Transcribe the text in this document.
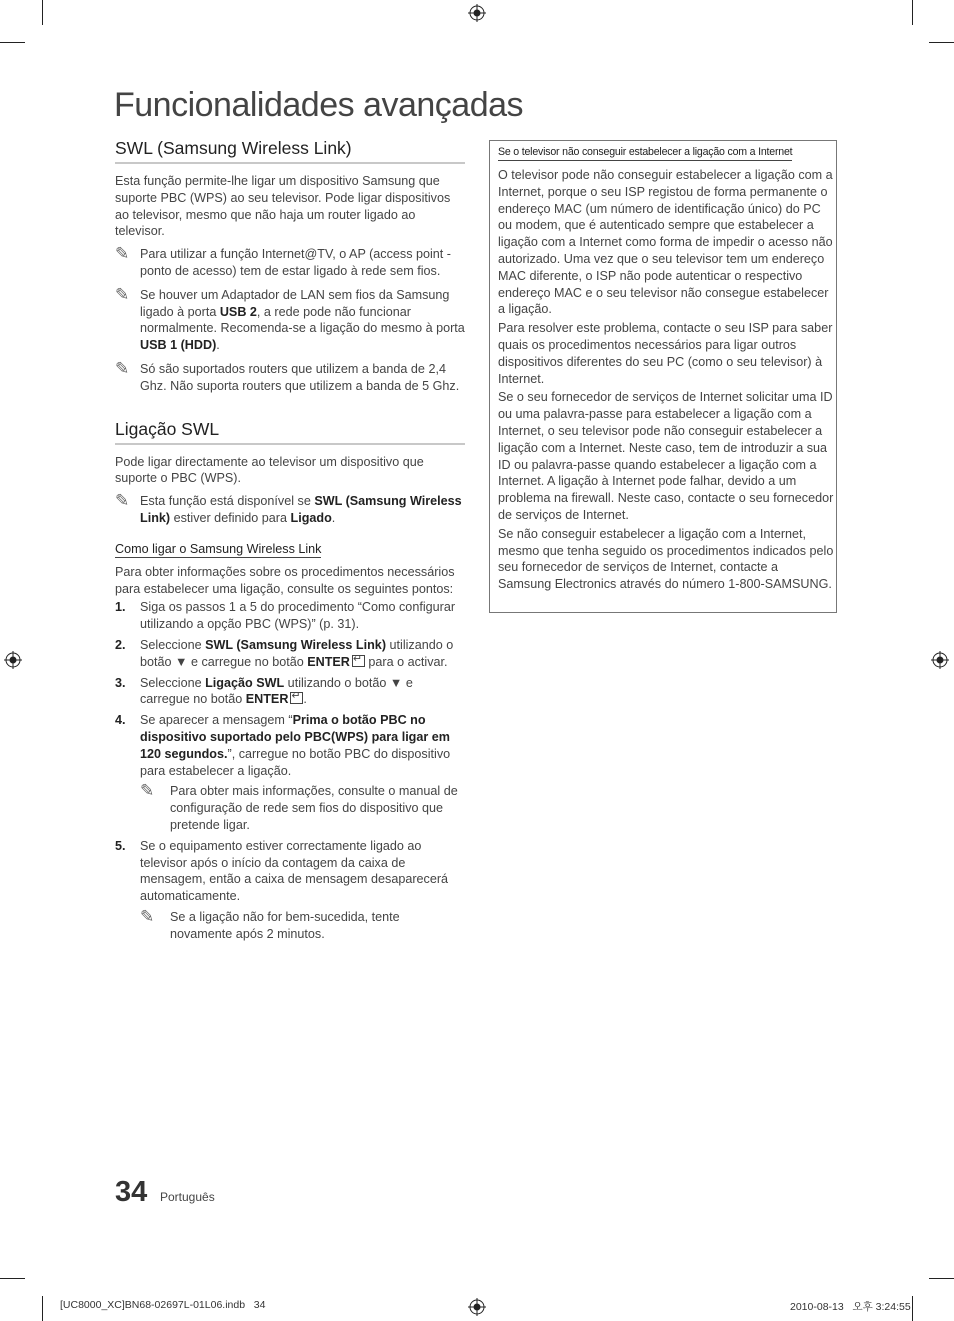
Funcionalidades avançadas
SWL (Samsung Wireless Link)

Esta função permite-lhe ligar um dispositivo Samsung que suporte PBC (WPS) ao seu televisor. Pode ligar dispositivos ao televisor, mesmo que não haja um router ligado ao televisor.

✎ Para utilizar a função Internet@TV, o AP (access point - ponto de acesso) tem de estar ligado à rede sem fios.

✎ Se houver um Adaptador de LAN sem fios da Samsung ligado à porta USB 2, a rede pode não funcionar normalmente. Recomenda-se a ligação do mesmo à porta USB 1 (HDD).

✎ Só são suportados routers que utilizem a banda de 2,4 Ghz. Não suporta routers que utilizem a banda de 5 Ghz.

Ligação SWL

Pode ligar directamente ao televisor um dispositivo que suporte o PBC (WPS).

✎ Esta função está disponível se SWL (Samsung Wireless Link) estiver definido para Ligado.

Como ligar o Samsung Wireless Link

Para obter informações sobre os procedimentos necessários para estabelecer uma ligação, consulte os seguintes pontos:

1. Siga os passos 1 a 5 do procedimento “Como configurar utilizando a opção PBC (WPS)” (p. 31).

2. Seleccione SWL (Samsung Wireless Link) utilizando o botão ▼ e carregue no botão ENTER↵ para o activar.

3. Seleccione Ligação SWL utilizando o botão ▼ e carregue no botão ENTER↵ .

4. Se aparecer a mensagem “Prima o botão PBC no dispositivo suportado pelo PBC(WPS) para ligar em 120 segundos.”, carregue no botão PBC do dispositivo para estabelecer a ligação.

✎ Para obter mais informações, consulte o manual de configuração de rede sem fios do dispositivo que pretende ligar.

5. Se o equipamento estiver correctamente ligado ao televisor após o início da contagem da caixa de mensagem, então a caixa de mensagem desaparecerá automaticamente.

✎ Se a ligação não for bem-sucedida, tente novamente após 2 minutos.

Se o televisor não conseguir estabelecer a ligação com a Internet

O televisor pode não conseguir estabelecer a ligação com a Internet, porque o seu ISP registou de forma permanente o endereço MAC (um número de identificação único) do PC ou modem, que é autenticado sempre que estabelecer a ligação com a Internet como forma de impedir o acesso não autorizado. Uma vez que o seu televisor tem um endereço MAC diferente, o ISP não pode autenticar o respectivo endereço MAC e o seu televisor não consegue estabelecer a ligação.

Para resolver este problema, contacte o seu ISP para saber quais os procedimentos necessários para ligar outros dispositivos diferentes do seu PC (como o seu televisor) à Internet.

Se o seu fornecedor de serviços de Internet solicitar uma ID ou uma palavra-passe para estabelecer a ligação com a Internet, o seu televisor pode não conseguir estabelecer a ligação com a Internet. Neste caso, tem de introduzir a sua ID ou palavra-passe quando estabelecer a ligação com a Internet. A ligação à Internet pode falhar, devido a um problema na firewall. Neste caso, contacte o seu fornecedor de serviços de Internet.

Se não conseguir estabelecer a ligação com a Internet, mesmo que tenha seguido os procedimentos indicados pelo seu fornecedor de serviços de Internet, contacte a Samsung Electronics através do número 1-800-SAMSUNG.

34 Português
[UC8000_XC]BN68-02697L-01L06.indb   34	2010-08-13   오후 3:24:55
